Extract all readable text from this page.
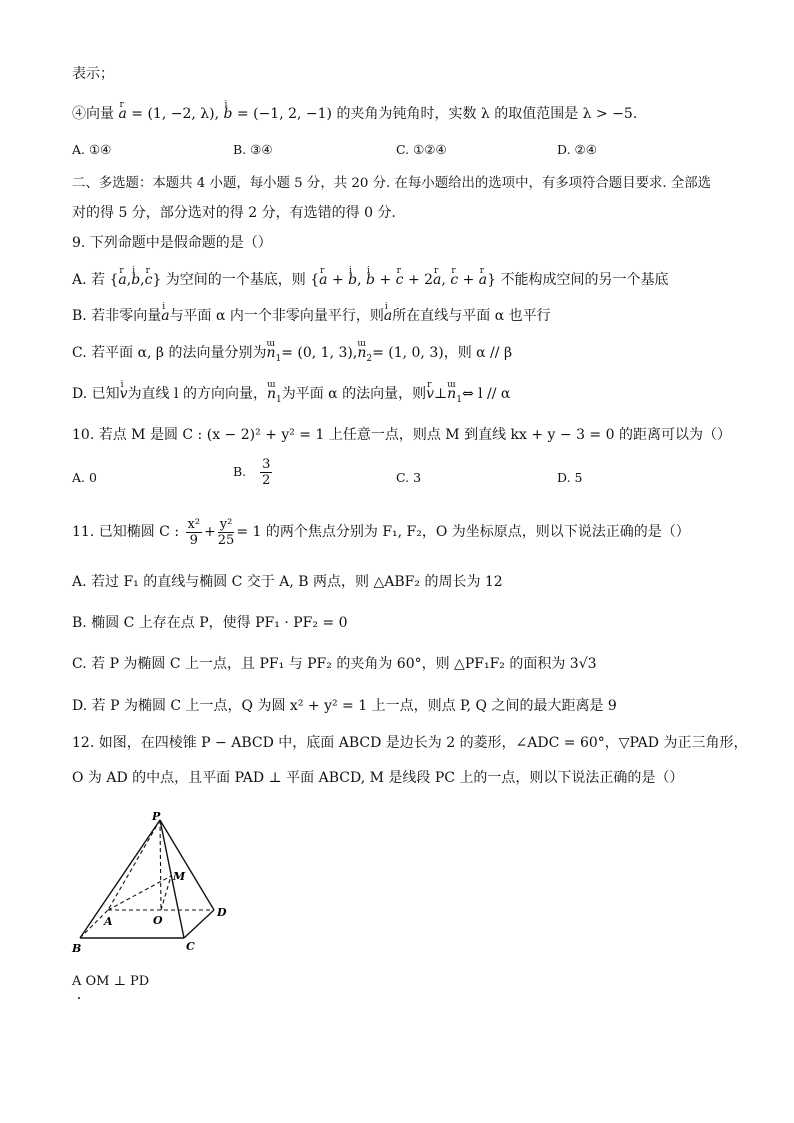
表示；
④向量 r a = (1, −2, λ), i b = (−1, 2, −1) 的夹角为钝角时，实数 λ 的取值范围是 λ > −5.
A. ①④	B. ③④	C. ①②④	D. ②④
二、多选题：本题共 4 小题，每小题 5 分，共 20 分. 在每小题给出的选项中，有多项符合题目要求. 全部选
对的得 5 分，部分选对的得 2 分，有选错的得 0 分.
9. 下列命题中是假命题的是（）
A. 若 {r a,i b,r c} 为空间的一个基底，则 {r a + i b, i b + r c + 2r a, r c + r a} 不能构成空间的另一个基底
B. 若非零向量i a与平面 α 内一个非零向量平行，则i a所在直线与平面 α 也平行
C. 若平面 α, β 的法向量分别为ɯ $n_1= (0$, 1, 3),ɯ $n_2= (1$, 0, 3)，则 α // β
D. 已知i v为直线 l 的方向向量，ɯ $n_1$为平面 α 的法向量，则r v⊥ɯ $n_1\Leftrightarrow$ l // α
10. 若点 M 是圆 C : (x − 2)² + y² = 1 上任意一点，则点 M 到直线 kx + y − 3 = 0 的距离可以为（）
A. 0	B. $\frac{3}{2}$	C. 3	D. 5
11. 已知椭圆 C : $\frac{\text{x²}}{9} + \frac{\text{y²}}{25} = 1$ 的两个焦点分别为 F₁, F₂，O 为坐标原点，则以下说法正确的是（）
A. 若过 F₁ 的直线与椭圆 C 交于 A, B 两点，则 △ABF₂ 的周长为 12
B. 椭圆 C 上存在点 P，使得 PF₁ · PF₂ = 0
C. 若 P 为椭圆 C 上一点，且 PF₁ 与 PF₂ 的夹角为 60°，则 △PF₁F₂ 的面积为 3√3
D. 若 P 为椭圆 C 上一点，Q 为圆 x² + y² = 1 上一点，则点 P, Q 之间的最大距离是 9
12. 如图，在四棱锥 P − ABCD 中，底面 ABCD 是边长为 2 的菱形，∠ADC = 60°，▽PAD 为正三角形，
O 为 AD 的中点，且平面 PAD ⊥ 平面 ABCD, M 是线段 PC 上的一点，则以下说法正确的是（）
P
M
A	O
D
B	C
A OM ⊥ PD
